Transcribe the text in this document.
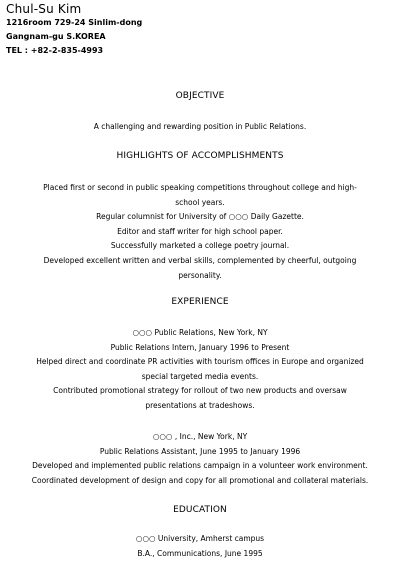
Chul-Su Kim

1216room 729-24 Sinlim-dong

Gangnam-gu S.KOREA

TEL : +82-2-835-4993

OBJECTIVE

A challenging and rewarding position in Public Relations.

HIGHLIGHTS OF ACCOMPLISHMENTS

Placed first or second in public speaking competitions throughout college and high-

school years.

Regular columnist for University of ○○○ Daily Gazette.

Editor and staff writer for high school paper.

Successfully marketed a college poetry journal.

Developed excellent written and verbal skills, complemented by cheerful, outgoing

personality.

EXPERIENCE

○○○ Public Relations, New York, NY

Public Relations Intern, January 1996 to Present

Helped direct and coordinate PR activities with tourism offices in Europe and organized

special targeted media events.

Contributed promotional strategy for rollout of two new products and oversaw

presentations at tradeshows.

○○○ , Inc., New York, NY

Public Relations Assistant, June 1995 to January 1996

Developed and implemented public relations campaign in a volunteer work environment.

Coordinated development of design and copy for all promotional and collateral materials.

EDUCATION

○○○ University, Amherst campus

B.A., Communications, June 1995
